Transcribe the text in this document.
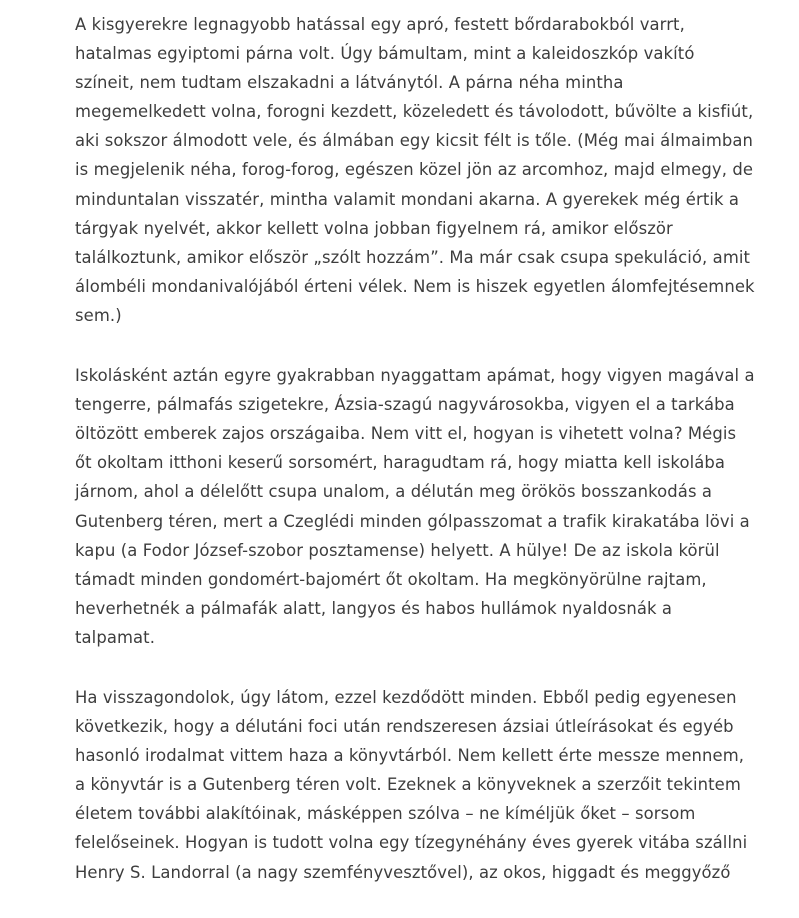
A kisgyerekre legnagyobb hatással egy apró, festett bőrdarabokból varrt, hatalmas egyiptomi párna volt. Úgy bámultam, mint a kaleidoszkóp vakító színeit, nem tudtam elszakadni a látványtól. A párna néha mintha megemelkedett volna, forogni kezdett, közeledett és távolodott, bűvölte a kisfiút, aki sokszor álmodott vele, és álmában egy kicsit félt is tőle. (Még mai álmaimban is megjelenik néha, forog-forog, egészen közel jön az arcomhoz, majd elmegy, de minduntalan visszatér, mintha valamit mondani akarna. A gyerekek még értik a tárgyak nyelvét, akkor kellett volna jobban figyelnem rá, amikor először találkoztunk, amikor először „szólt hozzám”. Ma már csak csupa spekuláció, amit álombéli mondanivalójából érteni vélek. Nem is hiszek egyetlen álomfejtésemnek sem.)

Iskolásként aztán egyre gyakrabban nyaggattam apámat, hogy vigyen magával a tengerre, pálmafás szigetekre, Ázsia-szagú nagyvárosokba, vigyen el a tarkába öltözött emberek zajos országaiba. Nem vitt el, hogyan is vihetett volna? Mégis őt okoltam itthoni keserű sorsomért, haragudtam rá, hogy miatta kell iskolába járnom, ahol a délelőtt csupa unalom, a délután meg örökös bosszankodás a Gutenberg téren, mert a Czeglédi minden gólpasszomat a trafik kirakatába lövi a kapu (a Fodor József-szobor posztamense) helyett. A hülye! De az iskola körül támadt minden gondomért-bajomért őt okoltam. Ha megkönyörülne rajtam, heverhetnék a pálmafák alatt, langyos és habos hullámok nyaldosnák a talpamat.

Ha visszagondolok, úgy látom, ezzel kezdődött minden. Ebből pedig egyenesen következik, hogy a délutáni foci után rendszeresen ázsiai útleírásokat és egyéb hasonló irodalmat vittem haza a könyvtárból. Nem kellett érte messze mennem, a könyvtár is a Gutenberg téren volt. Ezeknek a könyveknek a szerzőit tekintem életem további alakítóinak, másképpen szólva – ne kíméljük őket – sorsom felelőseinek. Hogyan is tudott volna egy tízegynéhány éves gyerek vitába szállni Henry S. Landorral (a nagy szemfényvesztővel), az okos, higgadt és meggyőző
